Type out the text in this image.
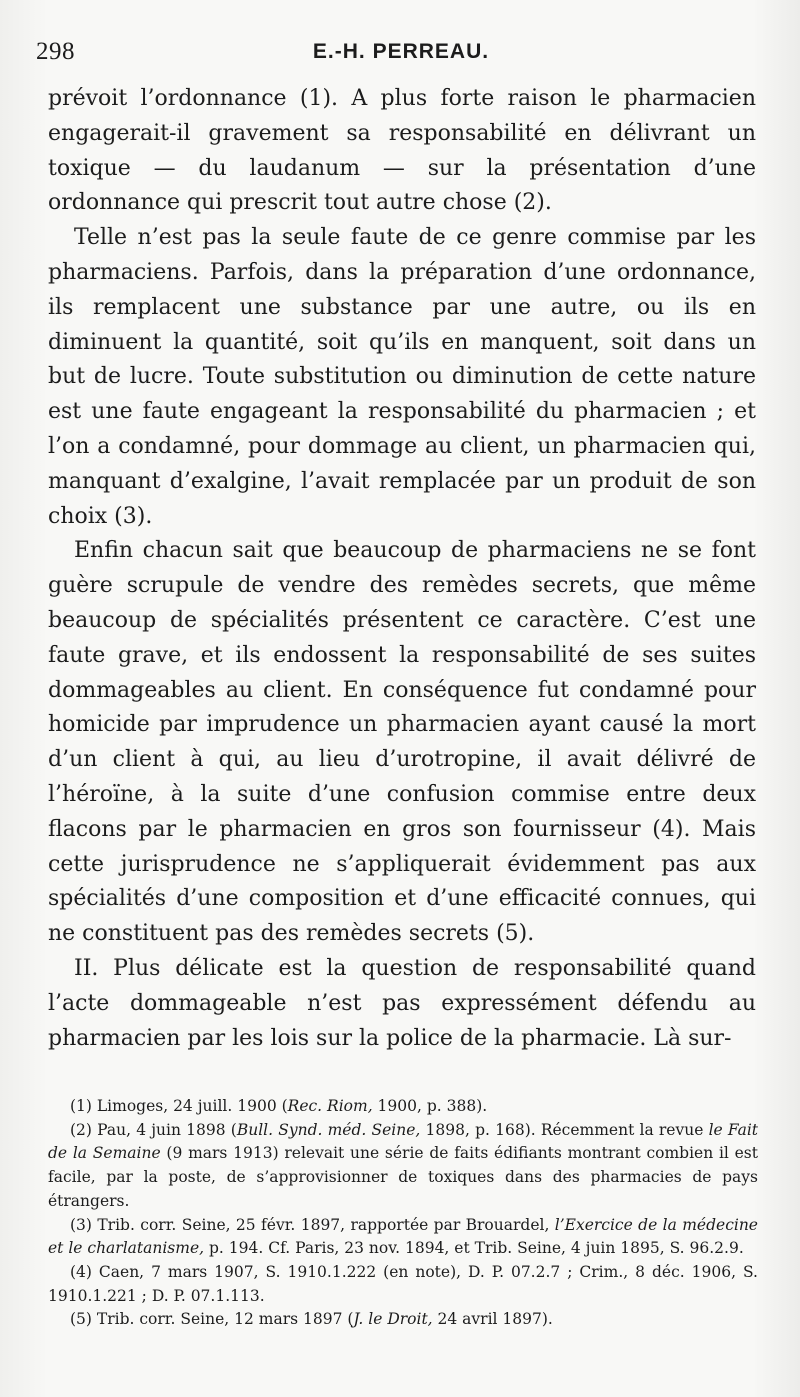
298	E.-H. PERREAU.

prévoit l’ordonnance (1). A plus forte raison le pharmacien engagerait-il gravement sa responsabilité en délivrant un toxique — du laudanum — sur la présentation d’une ordonnance qui prescrit tout autre chose (2).

Telle n’est pas la seule faute de ce genre commise par les pharmaciens. Parfois, dans la préparation d’une ordonnance, ils remplacent une substance par une autre, ou ils en diminuent la quantité, soit qu’ils en manquent, soit dans un but de lucre. Toute substitution ou diminution de cette nature est une faute engageant la responsabilité du pharmacien ; et l’on a condamné, pour dommage au client, un pharmacien qui, manquant d’exalgine, l’avait remplacée par un produit de son choix (3).

Enfin chacun sait que beaucoup de pharmaciens ne se font guère scrupule de vendre des remèdes secrets, que même beaucoup de spécialités présentent ce caractère. C’est une faute grave, et ils endossent la responsabilité de ses suites dommageables au client. En conséquence fut condamné pour homicide par imprudence un pharmacien ayant causé la mort d’un client à qui, au lieu d’urotropine, il avait délivré de l’héroïne, à la suite d’une confusion commise entre deux flacons par le pharmacien en gros son fournisseur (4). Mais cette jurisprudence ne s’appliquerait évidemment pas aux spécialités d’une composition et d’une efficacité connues, qui ne constituent pas des remèdes secrets (5).

II. Plus délicate est la question de responsabilité quand l’acte dommageable n’est pas expressément défendu au pharmacien par les lois sur la police de la pharmacie. Là sur-

(1) Limoges, 24 juill. 1900 (Rec. Riom, 1900, p. 388).

(2) Pau, 4 juin 1898 (Bull. Synd. méd. Seine, 1898, p. 168). Récemment la revue le Fait de la Semaine (9 mars 1913) relevait une série de faits édifiants montrant combien il est facile, par la poste, de s’approvisionner de toxiques dans des pharmacies de pays étrangers.

(3) Trib. corr. Seine, 25 févr. 1897, rapportée par Brouardel, l’Exercice de la médecine et le charlatanisme, p. 194. Cf. Paris, 23 nov. 1894, et Trib. Seine, 4 juin 1895, S. 96.2.9.

(4) Caen, 7 mars 1907, S. 1910.1.222 (en note), D. P. 07.2.7 ; Crim., 8 déc. 1906, S. 1910.1.221 ; D. P. 07.1.113.

(5) Trib. corr. Seine, 12 mars 1897 (J. le Droit, 24 avril 1897).
